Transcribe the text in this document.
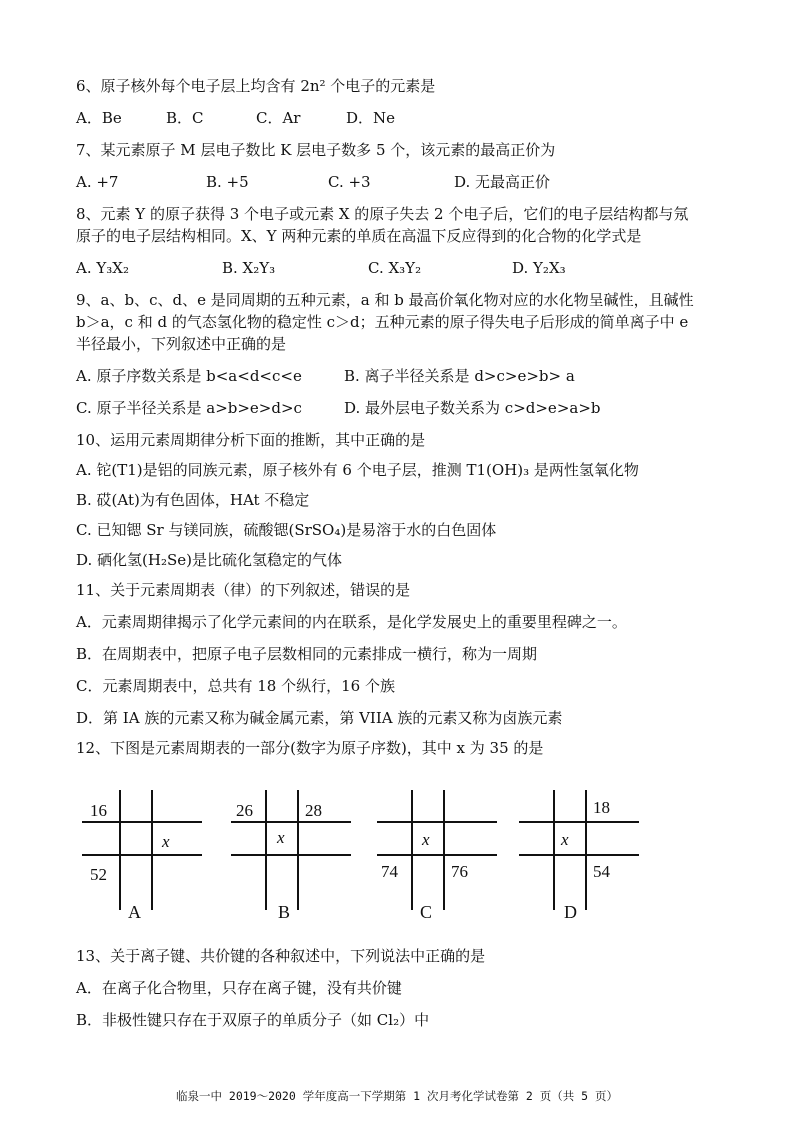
6、原子核外每个电子层上均含有 2n² 个电子的元素是
A．Be	B．C	C．Ar	D．Ne
7、某元素原子 M 层电子数比 K 层电子数多 5 个，该元素的最高正价为
A. +7	B. +5	C. +3	D. 无最高正价
8、元素 Y 的原子获得 3 个电子或元素 X 的原子失去 2 个电子后，它们的电子层结构都与氖
原子的电子层结构相同。X、Y 两种元素的单质在高温下反应得到的化合物的化学式是
A. Y₃X₂	B. X₂Y₃	C. X₃Y₂	D. Y₂X₃
9、a、b、c、d、e 是同周期的五种元素，a 和 b 最高价氧化物对应的水化物呈碱性，且碱性
b＞a，c 和 d 的气态氢化物的稳定性 c＞d；五种元素的原子得失电子后形成的简单离子中 e
半径最小，下列叙述中正确的是
A. 原子序数关系是 b<a<d<c<e	B. 离子半径关系是 d>c>e>b> a
C. 原子半径关系是 a>b>e>d>c	D. 最外层电子数关系为 c>d>e>a>b
10、运用元素周期律分析下面的推断，其中正确的是
A. 铊(T1)是铝的同族元素，原子核外有 6 个电子层，推测 T1(OH)₃ 是两性氢氧化物
B. 砹(At)为有色固体，HAt 不稳定
C. 已知锶 Sr 与镁同族，硫酸锶(SrSO₄)是易溶于水的白色固体
D. 硒化氢(H₂Se)是比硫化氢稳定的气体
11、关于元素周期表（律）的下列叙述，错误的是
A．元素周期律揭示了化学元素间的内在联系，是化学发展史上的重要里程碑之一。
B．在周期表中，把原子电子层数相同的元素排成一横行，称为一周期
C．元素周期表中，总共有 18 个纵行，16 个族
D．第 IA 族的元素又称为碱金属元素，第 VIIA 族的元素又称为卤族元素
12、下图是元素周期表的一部分(数字为原子序数)，其中 x 为 35 的是
16
x
52
A
26	28
x
B
x
74	76
C
18
x
54
D
13、关于离子键、共价键的各种叙述中，下列说法中正确的是
A．在离子化合物里，只存在离子键，没有共价键
B．非极性键只存在于双原子的单质分子（如 Cl₂）中
临泉一中 2019～2020 学年度高一下学期第 1 次月考化学试卷第 2 页（共 5 页）
